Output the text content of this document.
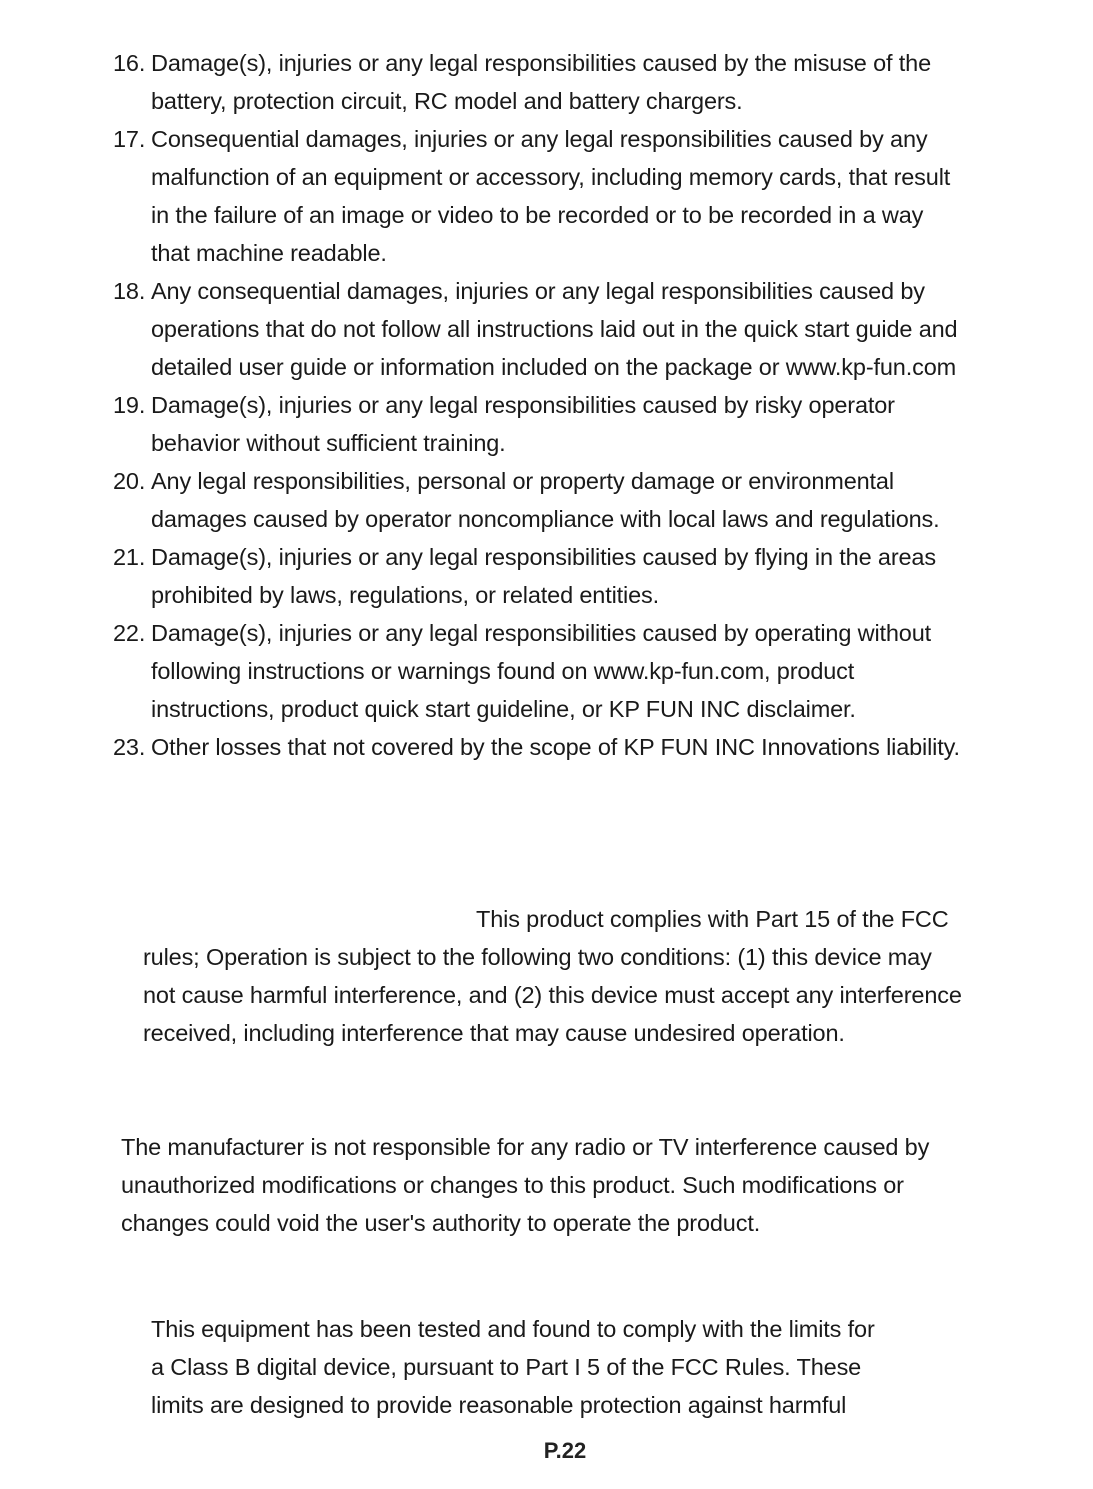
16. Damage(s), injuries or any legal responsibilities caused by the misuse of the
battery, protection circuit, RC model and battery chargers.
17. Consequential damages, injuries or any legal responsibilities caused by any
malfunction of an equipment or accessory, including memory cards, that result
in the failure of an image or video to be recorded or to be recorded in a way
that machine readable.
18. Any consequential damages, injuries or any legal responsibilities caused by
operations that do not follow all instructions laid out in the quick start guide and
detailed user guide or information included on the package or www.kp-fun.com
19. Damage(s), injuries or any legal responsibilities caused by risky operator
behavior without sufficient training.
20. Any legal responsibilities, personal or property damage or environmental
damages caused by operator noncompliance with local laws and regulations.
21. Damage(s), injuries or any legal responsibilities caused by flying in the areas
prohibited by laws, regulations, or related entities.
22. Damage(s), injuries or any legal responsibilities caused by operating without
following instructions or warnings found on www.kp-fun.com, product
instructions, product quick start guideline, or KP FUN INC disclaimer.
23. Other losses that not covered by the scope of KP FUN INC Innovations liability.
This product complies with Part 15 of the FCC
rules; Operation is subject to the following two conditions: (1) this device may
not cause harmful interference, and (2) this device must accept any interference
received, including interference that may cause undesired operation.
The manufacturer is not responsible for any radio or TV interference caused by
unauthorized modifications or changes to this product. Such modifications or
changes could void the user's authority to operate the product.
This equipment has been tested and found to comply with the limits for
a Class B digital device, pursuant to Part I 5 of the FCC Rules. These
limits are designed to provide reasonable protection against harmful
P.22
